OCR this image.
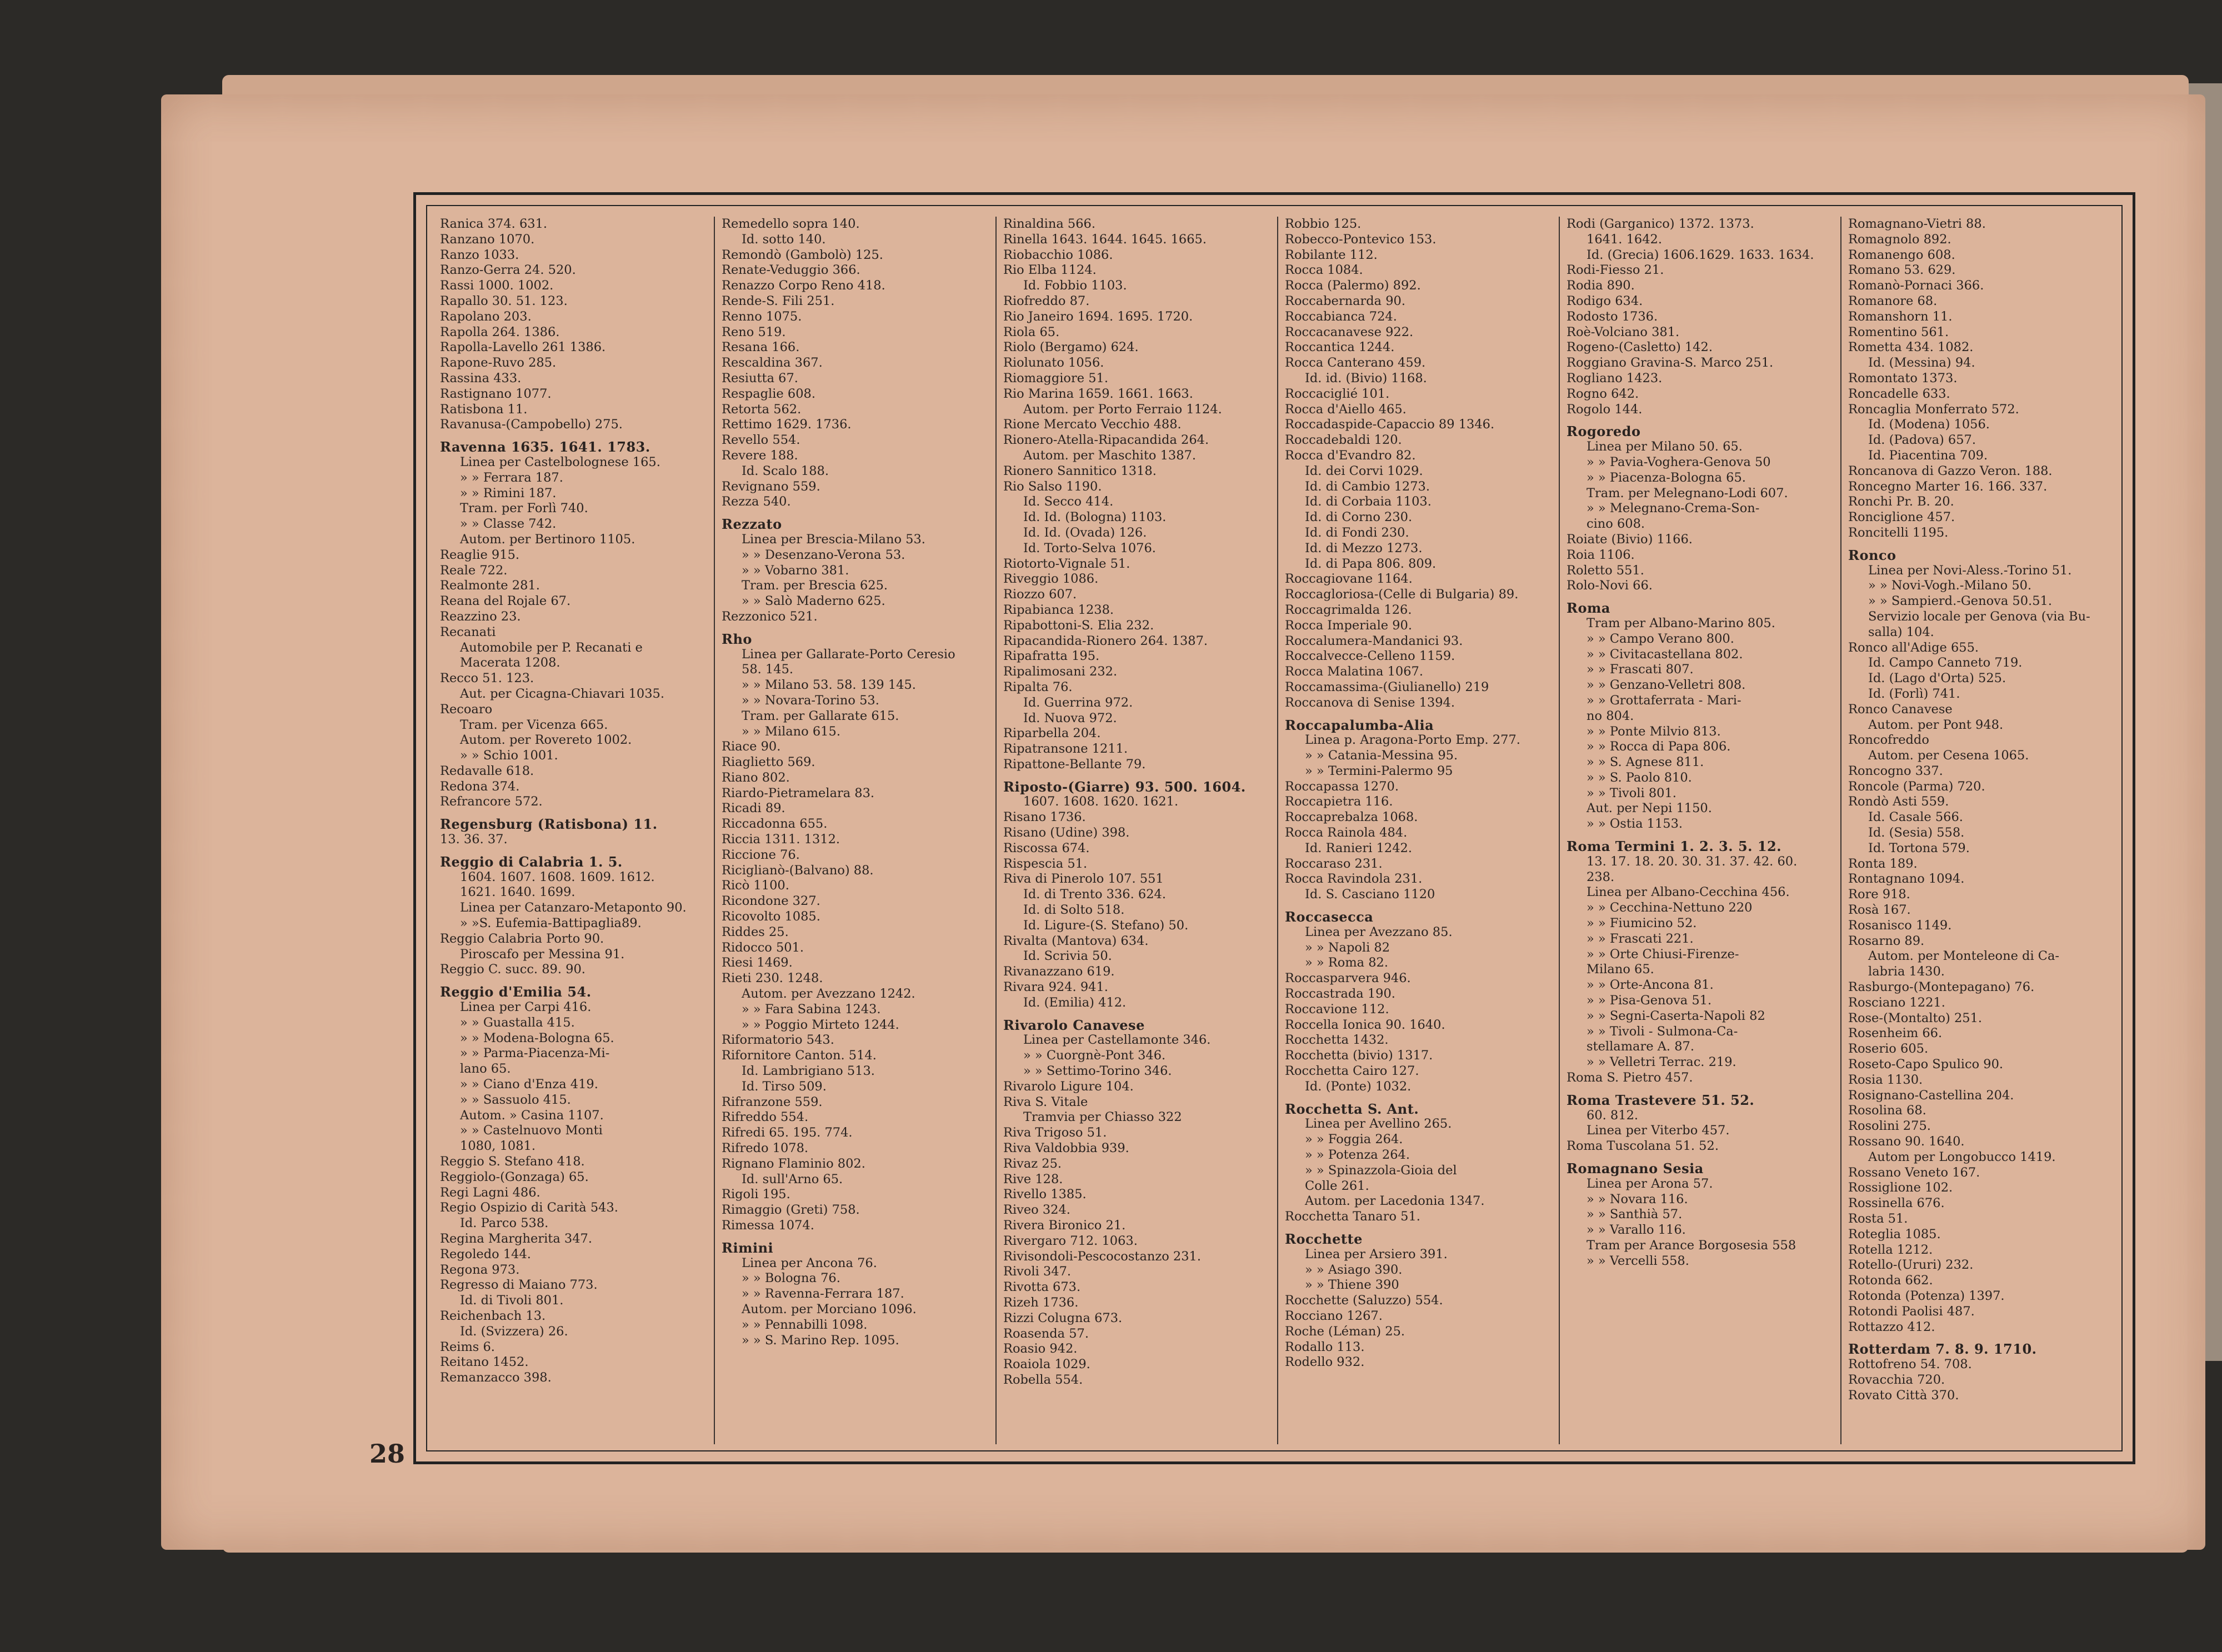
28
Ranica 374. 631.
Ranzano 1070.
Ranzo 1033.
Ranzo-Gerra 24. 520.
Rassi 1000. 1002.
Rapallo 30. 51. 123.
Rapolano 203.
Rapolla 264. 1386.
Rapolla-Lavello 261 1386.
Rapone-Ruvo 285.
Rassina 433.
Rastignano 1077.
Ratisbona 11.
Ravanusa-(Campobello) 275.
Ravenna 1635. 1641. 1783.
Linea per Castelbolognese 165.
» » Ferrara 187.
» » Rimini 187.
Tram. per Forlì 740.
» » Classe 742.
Autom. per Bertinoro 1105.
Reaglie 915.
Reale 722.
Realmonte 281.
Reana del Rojale 67.
Reazzino 23.
Recanati
Automobile per P. Recanati e
Macerata 1208.
Recco 51. 123.
Aut. per Cicagna-Chiavari 1035.
Recoaro
Tram. per Vicenza 665.
Autom. per Rovereto 1002.
» » Schio 1001.
Redavalle 618.
Redona 374.
Refrancore 572.
Regensburg (Ratisbona) 11.
13. 36. 37.
Reggio di Calabria 1. 5.
1604. 1607. 1608. 1609. 1612.
1621. 1640. 1699.
Linea per Catanzaro-Metaponto 90.
» »S. Eufemia-Battipaglia89.
Reggio Calabria Porto 90.
Piroscafo per Messina 91.
Reggio C. succ. 89. 90.
Reggio d'Emilia 54.
Linea per Carpi 416.
» » Guastalla 415.
» » Modena-Bologna 65.
» » Parma-Piacenza-Mi-
lano 65.
» » Ciano d'Enza 419.
» » Sassuolo 415.
Autom. » Casina 1107.
» » Castelnuovo Monti
1080, 1081.
Reggio S. Stefano 418.
Reggiolo-(Gonzaga) 65.
Regi Lagni 486.
Regio Ospizio di Carità 543.
Id. Parco 538.
Regina Margherita 347.
Regoledo 144.
Regona 973.
Regresso di Maiano 773.
Id. di Tivoli 801.
Reichenbach 13.
Id. (Svizzera) 26.
Reims 6.
Reitano 1452.
Remanzacco 398.
Remedello sopra 140.
Id. sotto 140.
Remondò (Gambolò) 125.
Renate-Veduggio 366.
Renazzo Corpo Reno 418.
Rende-S. Fili 251.
Renno 1075.
Reno 519.
Resana 166.
Rescaldina 367.
Resiutta 67.
Respaglie 608.
Retorta 562.
Rettimo 1629. 1736.
Revello 554.
Revere 188.
Id. Scalo 188.
Revignano 559.
Rezza 540.
Rezzato
Linea per Brescia-Milano 53.
» » Desenzano-Verona 53.
» » Vobarno 381.
Tram. per Brescia 625.
» » Salò Maderno 625.
Rezzonico 521.
Rho
Linea per Gallarate-Porto Ceresio
58. 145.
» » Milano 53. 58. 139 145.
» » Novara-Torino 53.
Tram. per Gallarate 615.
» » Milano 615.
Riace 90.
Riaglietto 569.
Riano 802.
Riardo-Pietramelara 83.
Ricadi 89.
Riccadonna 655.
Riccia 1311. 1312.
Riccione 76.
Riciglianò-(Balvano) 88.
Ricò 1100.
Ricondone 327.
Ricovolto 1085.
Riddes 25.
Ridocco 501.
Riesi 1469.
Rieti 230. 1248.
Autom. per Avezzano 1242.
» » Fara Sabina 1243.
» » Poggio Mirteto 1244.
Riformatorio 543.
Rifornitore Canton. 514.
Id. Lambrigiano 513.
Id. Tirso 509.
Rifranzone 559.
Rifreddo 554.
Rifredi 65. 195. 774.
Rifredo 1078.
Rignano Flaminio 802.
Id. sull'Arno 65.
Rigoli 195.
Rimaggio (Greti) 758.
Rimessa 1074.
Rimini
Linea per Ancona 76.
» » Bologna 76.
» » Ravenna-Ferrara 187.
Autom. per Morciano 1096.
» » Pennabilli 1098.
» » S. Marino Rep. 1095.
Rinaldina 566.
Rinella 1643. 1644. 1645. 1665.
Riobacchio 1086.
Rio Elba 1124.
Id. Fobbio 1103.
Riofreddo 87.
Rio Janeiro 1694. 1695. 1720.
Riola 65.
Riolo (Bergamo) 624.
Riolunato 1056.
Riomaggiore 51.
Rio Marina 1659. 1661. 1663.
Autom. per Porto Ferraio 1124.
Rione Mercato Vecchio 488.
Rionero-Atella-Ripacandida 264.
Autom. per Maschito 1387.
Rionero Sannitico 1318.
Rio Salso 1190.
Id. Secco 414.
Id. Id. (Bologna) 1103.
Id. Id. (Ovada) 126.
Id. Torto-Selva 1076.
Riotorto-Vignale 51.
Riveggio 1086.
Riozzo 607.
Ripabianca 1238.
Ripabottoni-S. Elia 232.
Ripacandida-Rionero 264. 1387.
Ripafratta 195.
Ripalimosani 232.
Ripalta 76.
Id. Guerrina 972.
Id. Nuova 972.
Riparbella 204.
Ripatransone 1211.
Ripattone-Bellante 79.
Riposto-(Giarre) 93. 500. 1604.
1607. 1608. 1620. 1621.
Risano 1736.
Risano (Udine) 398.
Riscossa 674.
Rispescia 51.
Riva di Pinerolo 107. 551
Id. di Trento 336. 624.
Id. di Solto 518.
Id. Ligure-(S. Stefano) 50.
Rivalta (Mantova) 634.
Id. Scrivia 50.
Rivanazzano 619.
Rivara 924. 941.
Id. (Emilia) 412.
Rivarolo Canavese
Linea per Castellamonte 346.
» » Cuorgnè-Pont 346.
» » Settimo-Torino 346.
Rivarolo Ligure 104.
Riva S. Vitale
Tramvia per Chiasso 322
Riva Trigoso 51.
Riva Valdobbia 939.
Rivaz 25.
Rive 128.
Rivello 1385.
Riveo 324.
Rivera Bironico 21.
Rivergaro 712. 1063.
Rivisondoli-Pescocostanzo 231.
Rivoli 347.
Rivotta 673.
Rizeh 1736.
Rizzi Colugna 673.
Roasenda 57.
Roasio 942.
Roaiola 1029.
Robella 554.
Robbio 125.
Robecco-Pontevico 153.
Robilante 112.
Rocca 1084.
Rocca (Palermo) 892.
Roccabernarda 90.
Roccabianca 724.
Roccacanavese 922.
Roccantica 1244.
Rocca Canterano 459.
Id. id. (Bivio) 1168.
Roccaciglié 101.
Rocca d'Aiello 465.
Roccadaspide-Capaccio 89 1346.
Roccadebaldi 120.
Rocca d'Evandro 82.
Id. dei Corvi 1029.
Id. di Cambio 1273.
Id. di Corbaia 1103.
Id. di Corno 230.
Id. di Fondi 230.
Id. di Mezzo 1273.
Id. di Papa 806. 809.
Roccagiovane 1164.
Roccagloriosa-(Celle di Bulgaria) 89.
Roccagrimalda 126.
Rocca Imperiale 90.
Roccalumera-Mandanici 93.
Roccalvecce-Celleno 1159.
Rocca Malatina 1067.
Roccamassima-(Giulianello) 219
Roccanova di Senise 1394.
Roccapalumba-Alia
Linea p. Aragona-Porto Emp. 277.
» » Catania-Messina 95.
» » Termini-Palermo 95
Roccapassa 1270.
Roccapietra 116.
Roccaprebalza 1068.
Rocca Rainola 484.
Id. Ranieri 1242.
Roccaraso 231.
Rocca Ravindola 231.
Id. S. Casciano 1120
Roccasecca
Linea per Avezzano 85.
» » Napoli 82
» » Roma 82.
Roccasparvera 946.
Roccastrada 190.
Roccavione 112.
Roccella Ionica 90. 1640.
Rocchetta 1432.
Rocchetta (bivio) 1317.
Rocchetta Cairo 127.
Id. (Ponte) 1032.
Rocchetta S. Ant.
Linea per Avellino 265.
» » Foggia 264.
» » Potenza 264.
» » Spinazzola-Gioia del
Colle 261.
Autom. per Lacedonia 1347.
Rocchetta Tanaro 51.
Rocchette
Linea per Arsiero 391.
» » Asiago 390.
» » Thiene 390
Rocchette (Saluzzo) 554.
Rocciano 1267.
Roche (Léman) 25.
Rodallo 113.
Rodello 932.
Rodi (Garganico) 1372. 1373.
1641. 1642.
Id. (Grecia) 1606.1629. 1633. 1634.
Rodi-Fiesso 21.
Rodia 890.
Rodigo 634.
Rodosto 1736.
Roè-Volciano 381.
Rogeno-(Casletto) 142.
Roggiano Gravina-S. Marco 251.
Rogliano 1423.
Rogno 642.
Rogolo 144.
Rogoredo
Linea per Milano 50. 65.
» » Pavia-Voghera-Genova 50
» » Piacenza-Bologna 65.
Tram. per Melegnano-Lodi 607.
» » Melegnano-Crema-Son-
cino 608.
Roiate (Bivio) 1166.
Roia 1106.
Roletto 551.
Rolo-Novi 66.
Roma
Tram per Albano-Marino 805.
» » Campo Verano 800.
» » Civitacastellana 802.
» » Frascati 807.
» » Genzano-Velletri 808.
» » Grottaferrata - Mari-
no 804.
» » Ponte Milvio 813.
» » Rocca di Papa 806.
» » S. Agnese 811.
» » S. Paolo 810.
» » Tivoli 801.
Aut. per Nepi 1150.
» » Ostia 1153.
Roma Termini 1. 2. 3. 5. 12.
13. 17. 18. 20. 30. 31. 37. 42. 60.
238.
Linea per Albano-Cecchina 456.
» » Cecchina-Nettuno 220
» » Fiumicino 52.
» » Frascati 221.
» » Orte Chiusi-Firenze-
Milano 65.
» » Orte-Ancona 81.
» » Pisa-Genova 51.
» » Segni-Caserta-Napoli 82
» » Tivoli - Sulmona-Ca-
stellamare A. 87.
» » Velletri Terrac. 219.
Roma S. Pietro 457.
Roma Trastevere 51. 52.
60. 812.
Linea per Viterbo 457.
Roma Tuscolana 51. 52.
Romagnano Sesia
Linea per Arona 57.
» » Novara 116.
» » Santhià 57.
» » Varallo 116.
Tram per Arance Borgosesia 558
» » Vercelli 558.
Romagnano-Vietri 88.
Romagnolo 892.
Romanengo 608.
Romano 53. 629.
Romanò-Pornaci 366.
Romanore 68.
Romanshorn 11.
Romentino 561.
Rometta 434. 1082.
Id. (Messina) 94.
Romontato 1373.
Roncadelle 633.
Roncaglia Monferrato 572.
Id. (Modena) 1056.
Id. (Padova) 657.
Id. Piacentina 709.
Roncanova di Gazzo Veron. 188.
Roncegno Marter 16. 166. 337.
Ronchi Pr. B. 20.
Ronciglione 457.
Roncitelli 1195.
Ronco
Linea per Novi-Aless.-Torino 51.
» » Novi-Vogh.-Milano 50.
» » Sampierd.-Genova 50.51.
Servizio locale per Genova (via Bu-
salla) 104.
Ronco all'Adige 655.
Id. Campo Canneto 719.
Id. (Lago d'Orta) 525.
Id. (Forlì) 741.
Ronco Canavese
Autom. per Pont 948.
Roncofreddo
Autom. per Cesena 1065.
Roncogno 337.
Roncole (Parma) 720.
Rondò Asti 559.
Id. Casale 566.
Id. (Sesia) 558.
Id. Tortona 579.
Ronta 189.
Rontagnano 1094.
Rore 918.
Rosà 167.
Rosanisco 1149.
Rosarno 89.
Autom. per Monteleone di Ca-
labria 1430.
Rasburgo-(Montepagano) 76.
Rosciano 1221.
Rose-(Montalto) 251.
Rosenheim 66.
Roserio 605.
Roseto-Capo Spulico 90.
Rosia 1130.
Rosignano-Castellina 204.
Rosolina 68.
Rosolini 275.
Rossano 90. 1640.
Autom per Longobucco 1419.
Rossano Veneto 167.
Rossiglione 102.
Rossinella 676.
Rosta 51.
Roteglia 1085.
Rotella 1212.
Rotello-(Ururi) 232.
Rotonda 662.
Rotonda (Potenza) 1397.
Rotondi Paolisi 487.
Rottazzo 412.
Rotterdam 7. 8. 9. 1710.
Rottofreno 54. 708.
Rovacchia 720.
Rovato Città 370.
